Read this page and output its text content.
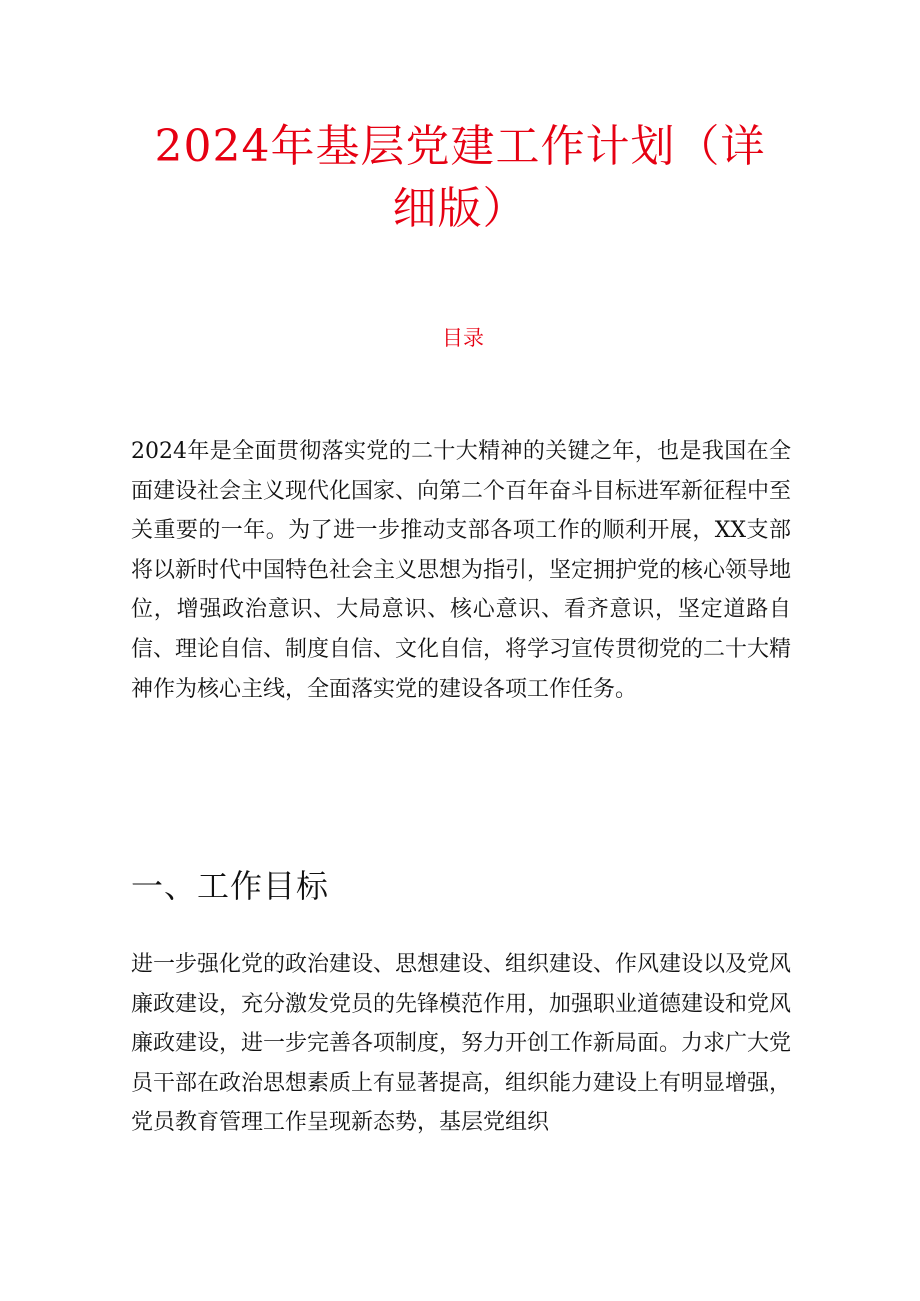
2024年基层党建工作计划（详
细版）
目录

2024年是全面贯彻落实党的二十大精神的关键之年，也是我国在全面建设社会主义现代化国家、向第二个百年奋斗目标进军新征程中至关重要的一年。为了进一步推动支部各项工作的顺利开展，XX支部将以新时代中国特色社会主义思想为指引，坚定拥护党的核心领导地位，增强政治意识、大局意识、核心意识、看齐意识，坚定道路自信、理论自信、制度自信、文化自信，将学习宣传贯彻党的二十大精神作为核心主线，全面落实党的建设各项工作任务。

一、工作目标

进一步强化党的政治建设、思想建设、组织建设、作风建设以及党风廉政建设，充分激发党员的先锋模范作用，加强职业道德建设和党风廉政建设，进一步完善各项制度，努力开创工作新局面。力求广大党员干部在政治思想素质上有显著提高，组织能力建设上有明显增强，党员教育管理工作呈现新态势，基层党组织
